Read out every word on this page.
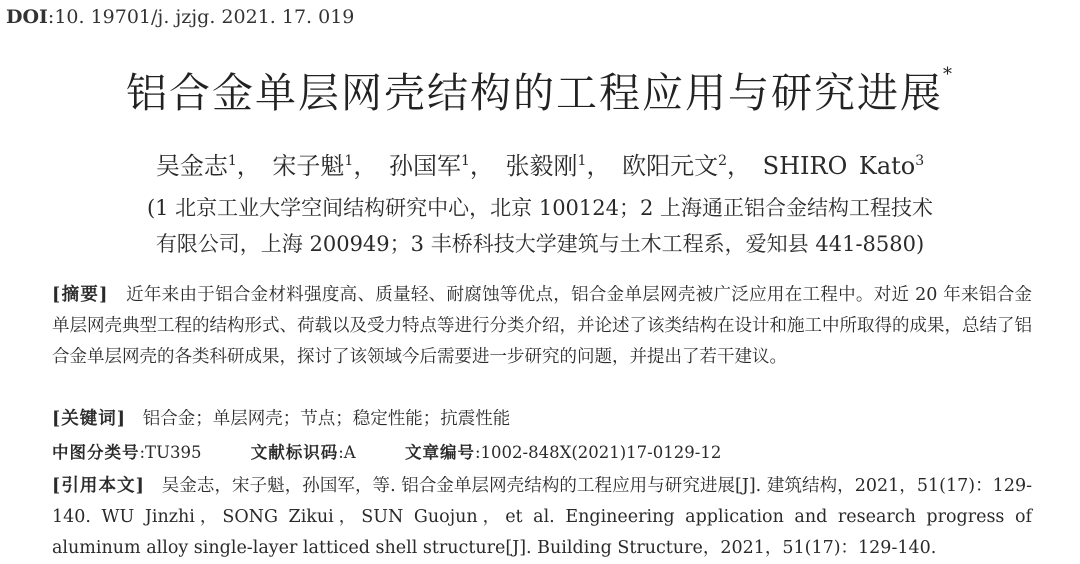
DOI:10. 19701/j. jzjg. 2021. 17. 019
铝合金单层网壳结构的工程应用与研究进展*
吴金志$^1$， 宋子魁$^1$， 孙国军$^1$， 张毅刚$^1$， 欧阳元文$^2$， SHIRO Kato$^3$
(1 北京工业大学空间结构研究中心，北京 100124；2 上海通正铝合金结构工程技术
有限公司，上海 200949；3 丰桥科技大学建筑与土木工程系，爱知县 441-8580)
[摘要] 近年来由于铝合金材料强度高、质量轻、耐腐蚀等优点，铝合金单层网壳被广泛应用在工程中。对近 20 年来铝合金单层网壳典型工程的结构形式、荷载以及受力特点等进行分类介绍，并论述了该类结构在设计和施工中所取得的成果，总结了铝合金单层网壳的各类科研成果，探讨了该领域今后需要进一步研究的问题，并提出了若干建议。
[关键词] 铝合金；单层网壳；节点；稳定性能；抗震性能
中图分类号:TU395	文献标识码:A	文章编号:1002-848X(2021)17-0129-12
[引用本文] 吴金志，宋子魁，孙国军，等. 铝合金单层网壳结构的工程应用与研究进展[J]. 建筑结构，2021，51(17)：129-140. WU Jinzhi，SONG Zikui，SUN Guojun，et al. Engineering application and research progress of aluminum alloy single-layer latticed shell structure[J]. Building Structure，2021，51(17)：129-140.
